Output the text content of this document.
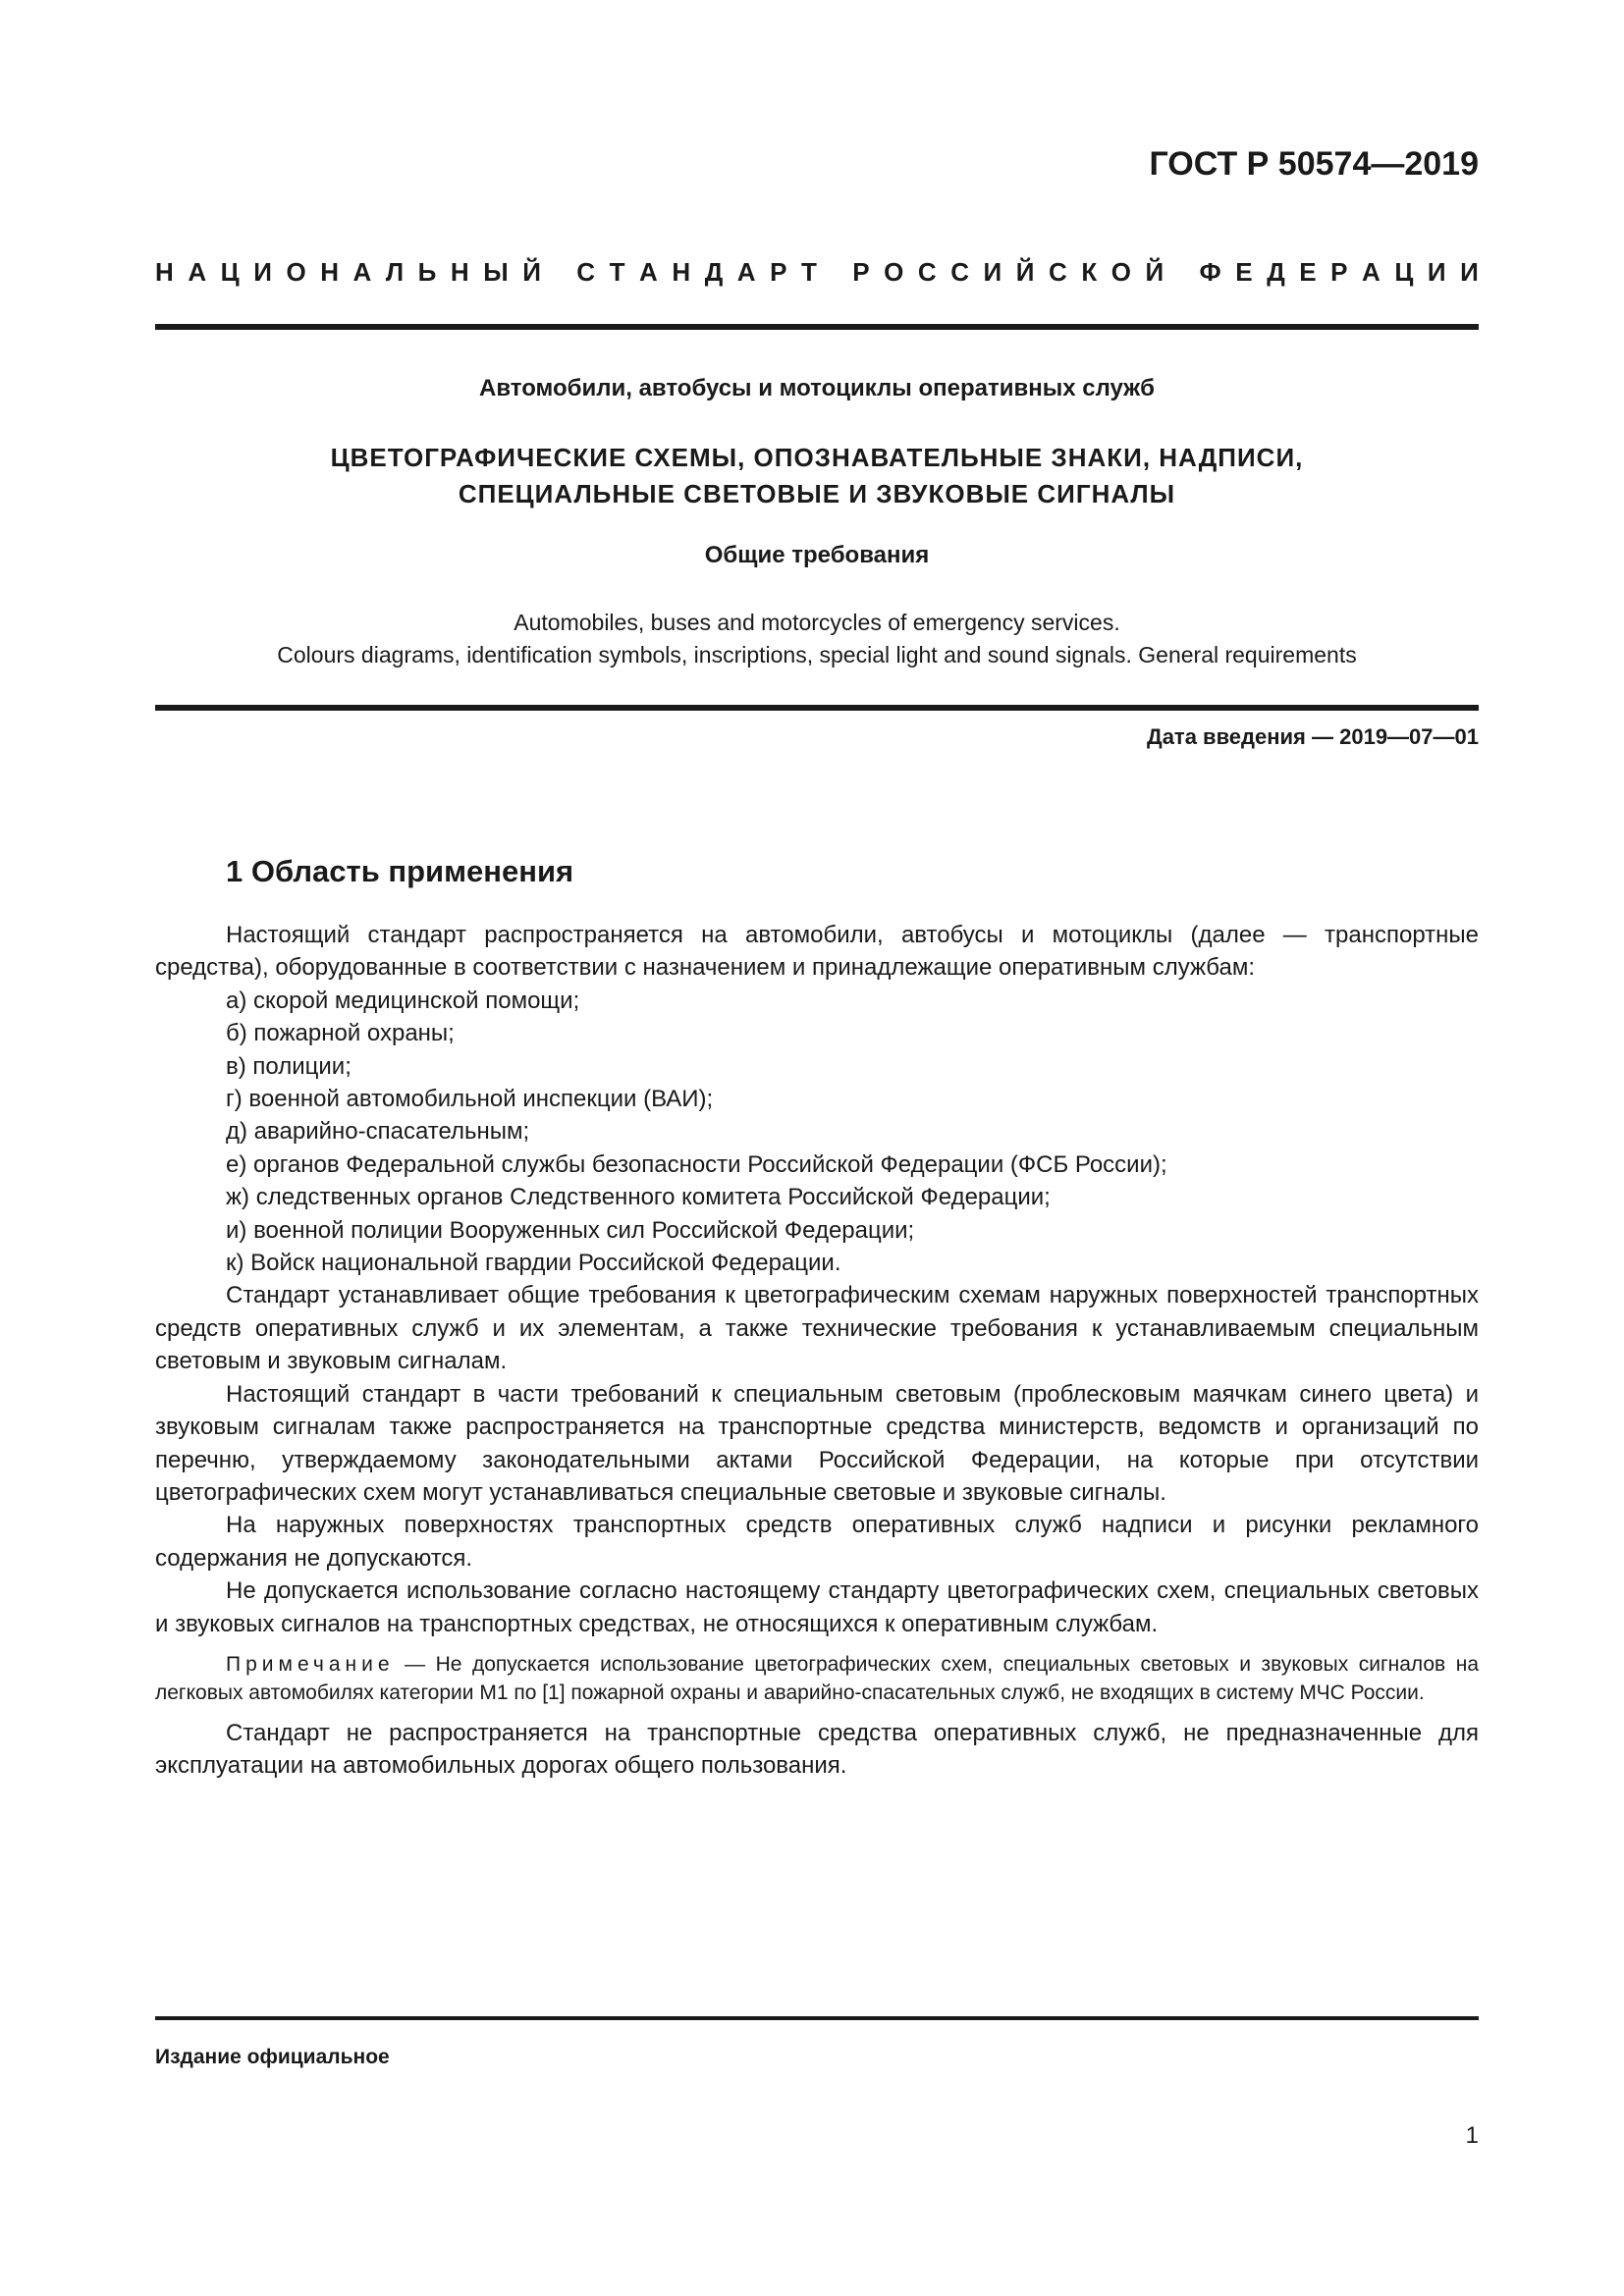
ГОСТ Р 50574—2019
Н А Ц И О Н А Л Ь Н Ы Й
С Т А Н Д А Р Т
Р О С С И Й С К О Й
Ф Е Д Е Р А Ц И И
Автомобили, автобусы и мотоциклы оперативных служб
ЦВЕТОГРАФИЧЕСКИЕ СХЕМЫ, ОПОЗНАВАТЕЛЬНЫЕ ЗНАКИ, НАДПИСИ,
СПЕЦИАЛЬНЫЕ СВЕТОВЫЕ И ЗВУКОВЫЕ СИГНАЛЫ
Общие требования
Automobiles, buses and motorcycles of emergency services.
Colours diagrams, identification symbols, inscriptions, special light and sound signals. General requirements
Дата введения — 2019—07—01
1 Область применения

Настоящий стандарт распространяется на автомобили, автобусы и мотоциклы (далее — транспортные средства), оборудованные в соответствии с назначением и принадлежащие оперативным службам:

а) скорой медицинской помощи;

б) пожарной охраны;

в) полиции;

г) военной автомобильной инспекции (ВАИ);

д) аварийно-спасательным;

е) органов Федеральной службы безопасности Российской Федерации (ФСБ России);

ж) следственных органов Следственного комитета Российской Федерации;

и) военной полиции Вооруженных сил Российской Федерации;

к) Войск национальной гвардии Российской Федерации.

Стандарт устанавливает общие требования к цветографическим схемам наружных поверхностей транспортных средств оперативных служб и их элементам, а также технические требования к устанавливаемым специальным световым и звуковым сигналам.

Настоящий стандарт в части требований к специальным световым (проблесковым маячкам синего цвета) и звуковым сигналам также распространяется на транспортные средства министерств, ведомств и организаций по перечню, утверждаемому законодательными актами Российской Федерации, на которые при отсутствии цветографических схем могут устанавливаться специальные световые и звуковые сигналы.

На наружных поверхностях транспортных средств оперативных служб надписи и рисунки рекламного содержания не допускаются.

Не допускается использование согласно настоящему стандарту цветографических схем, специальных световых и звуковых сигналов на транспортных средствах, не относящихся к оперативным службам.

Примечание — Не допускается использование цветографических схем, специальных световых и звуковых сигналов на легковых автомобилях категории М1 по [1] пожарной охраны и аварийно-спасательных служб, не входящих в систему МЧС России.

Стандарт не распространяется на транспортные средства оперативных служб, не предназначенные для эксплуатации на автомобильных дорогах общего пользования.

Издание официальное
1
